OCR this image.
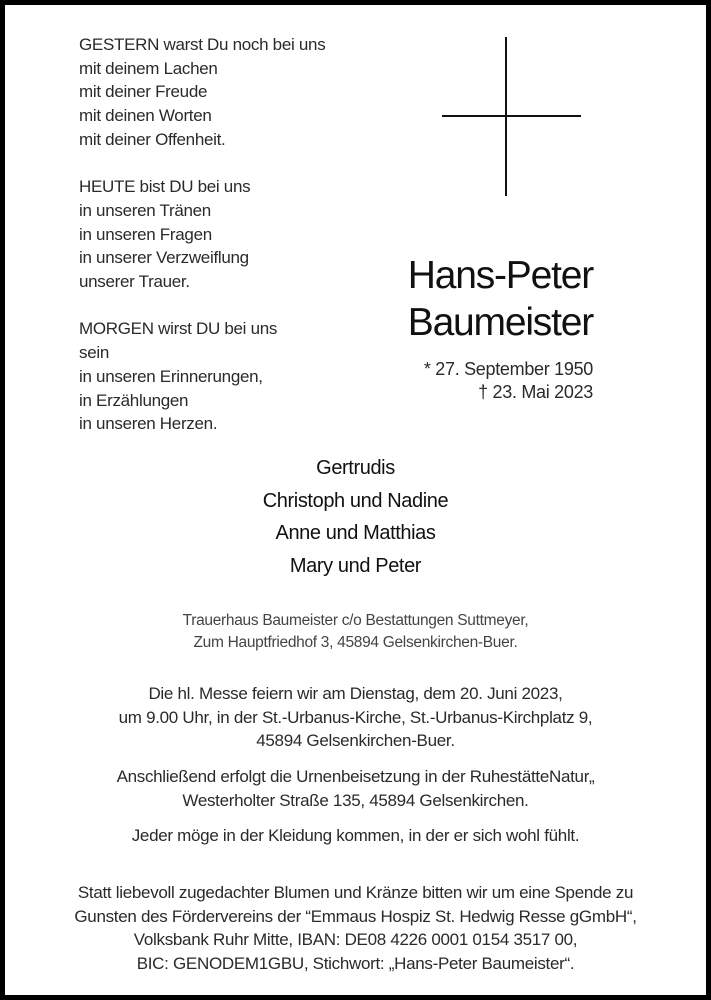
GESTERN warst Du noch bei uns
mit deinem Lachen
mit deiner Freude
mit deinen Worten
mit deiner Offenheit.
HEUTE bist DU bei uns
in unseren Tränen
in unseren Fragen
in unserer Verzweiflung
unserer Trauer.
MORGEN wirst DU bei uns
sein
in unseren Erinnerungen,
in Erzählungen
in unseren Herzen.
Hans-Peter
Baumeister
* 27. September 1950
† 23. Mai 2023
Gertrudis
Christoph und Nadine
Anne und Matthias
Mary und Peter
Trauerhaus Baumeister c/o Bestattungen Suttmeyer,
Zum Hauptfriedhof 3, 45894 Gelsenkirchen-Buer.
Die hl. Messe feiern wir am Dienstag, dem 20. Juni 2023,
um 9.00 Uhr, in der St.-Urbanus-Kirche, St.-Urbanus-Kirchplatz 9,
45894 Gelsenkirchen-Buer.
Anschließend erfolgt die Urnenbeisetzung in der RuhestätteNatur„
Westerholter Straße 135, 45894 Gelsenkirchen.
Jeder möge in der Kleidung kommen, in der er sich wohl fühlt.
Statt liebevoll zugedachter Blumen und Kränze bitten wir um eine Spende zu
Gunsten des Fördervereins der “Emmaus Hospiz St. Hedwig Resse gGmbH“,
Volksbank Ruhr Mitte, IBAN: DE08 4226 0001 0154 3517 00,
BIC: GENODEM1GBU, Stichwort: „Hans-Peter Baumeister“.
